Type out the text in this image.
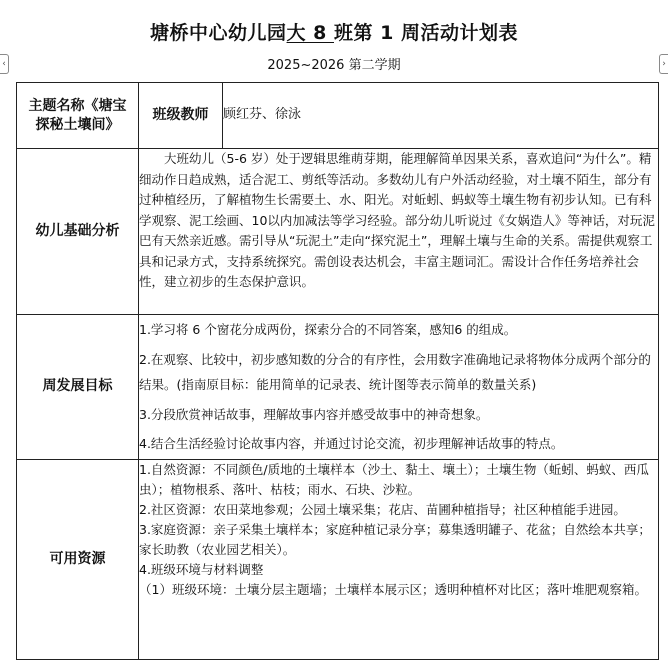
塘桥中心幼儿园大 8 班第 1 周活动计划表
2025~2026 第二学期
‹	›
主题名称《塘宝探秘土壤间》	班级教师	顾红芬、徐泳
幼儿基础分析	大班幼儿（5-6 岁）处于逻辑思维萌芽期，能理解简单因果关系，喜欢追问“为什么”。精细动作日趋成熟，适合泥工、剪纸等活动。多数幼儿有户外活动经验，对土壤不陌生，部分有过种植经历，了解植物生长需要土、水、阳光。对蚯蚓、蚂蚁等土壤生物有初步认知。已有科学观察、泥工绘画、10以内加减法等学习经验。部分幼儿听说过《女娲造人》等神话，对玩泥巴有天然亲近感。需引导从“玩泥土”走向“探究泥土”，理解土壤与生命的关系。需提供观察工具和记录方式，支持系统探究。需创设表达机会，丰富主题词汇。需设计合作任务培养社会性，建立初步的生态保护意识。	

周发展目标	1.学习将 6 个窗花分成两份，探索分合的不同答案，感知6 的组成。

2.在观察、比较中，初步感知数的分合的有序性，会用数字准确地记录将物体分成两个部分的结果。(指南原目标：能用简单的记录表、统计图等表示简单的数量关系)

3.分段欣赏神话故事，理解故事内容并感受故事中的神奇想象。

4.结合生活经验讨论故事内容，并通过讨论交流，初步理解神话故事的特点。	

可用资源	1.自然资源：不同颜色/质地的土壤样本（沙土、黏土、壤土）；土壤生物（蚯蚓、蚂蚁、西瓜虫）；植物根系、落叶、枯枝；雨水、石块、沙粒。

2.社区资源：农田菜地参观；公园土壤采集；花店、苗圃种植指导；社区种植能手进园。

3.家庭资源：亲子采集土壤样本；家庭种植记录分享；募集透明罐子、花盆；自然绘本共享；家长助教（农业园艺相关）。

4.班级环境与材料调整

（1）班级环境：土壤分层主题墙；土壤样本展示区；透明种植杯对比区；落叶堆肥观察箱。	
